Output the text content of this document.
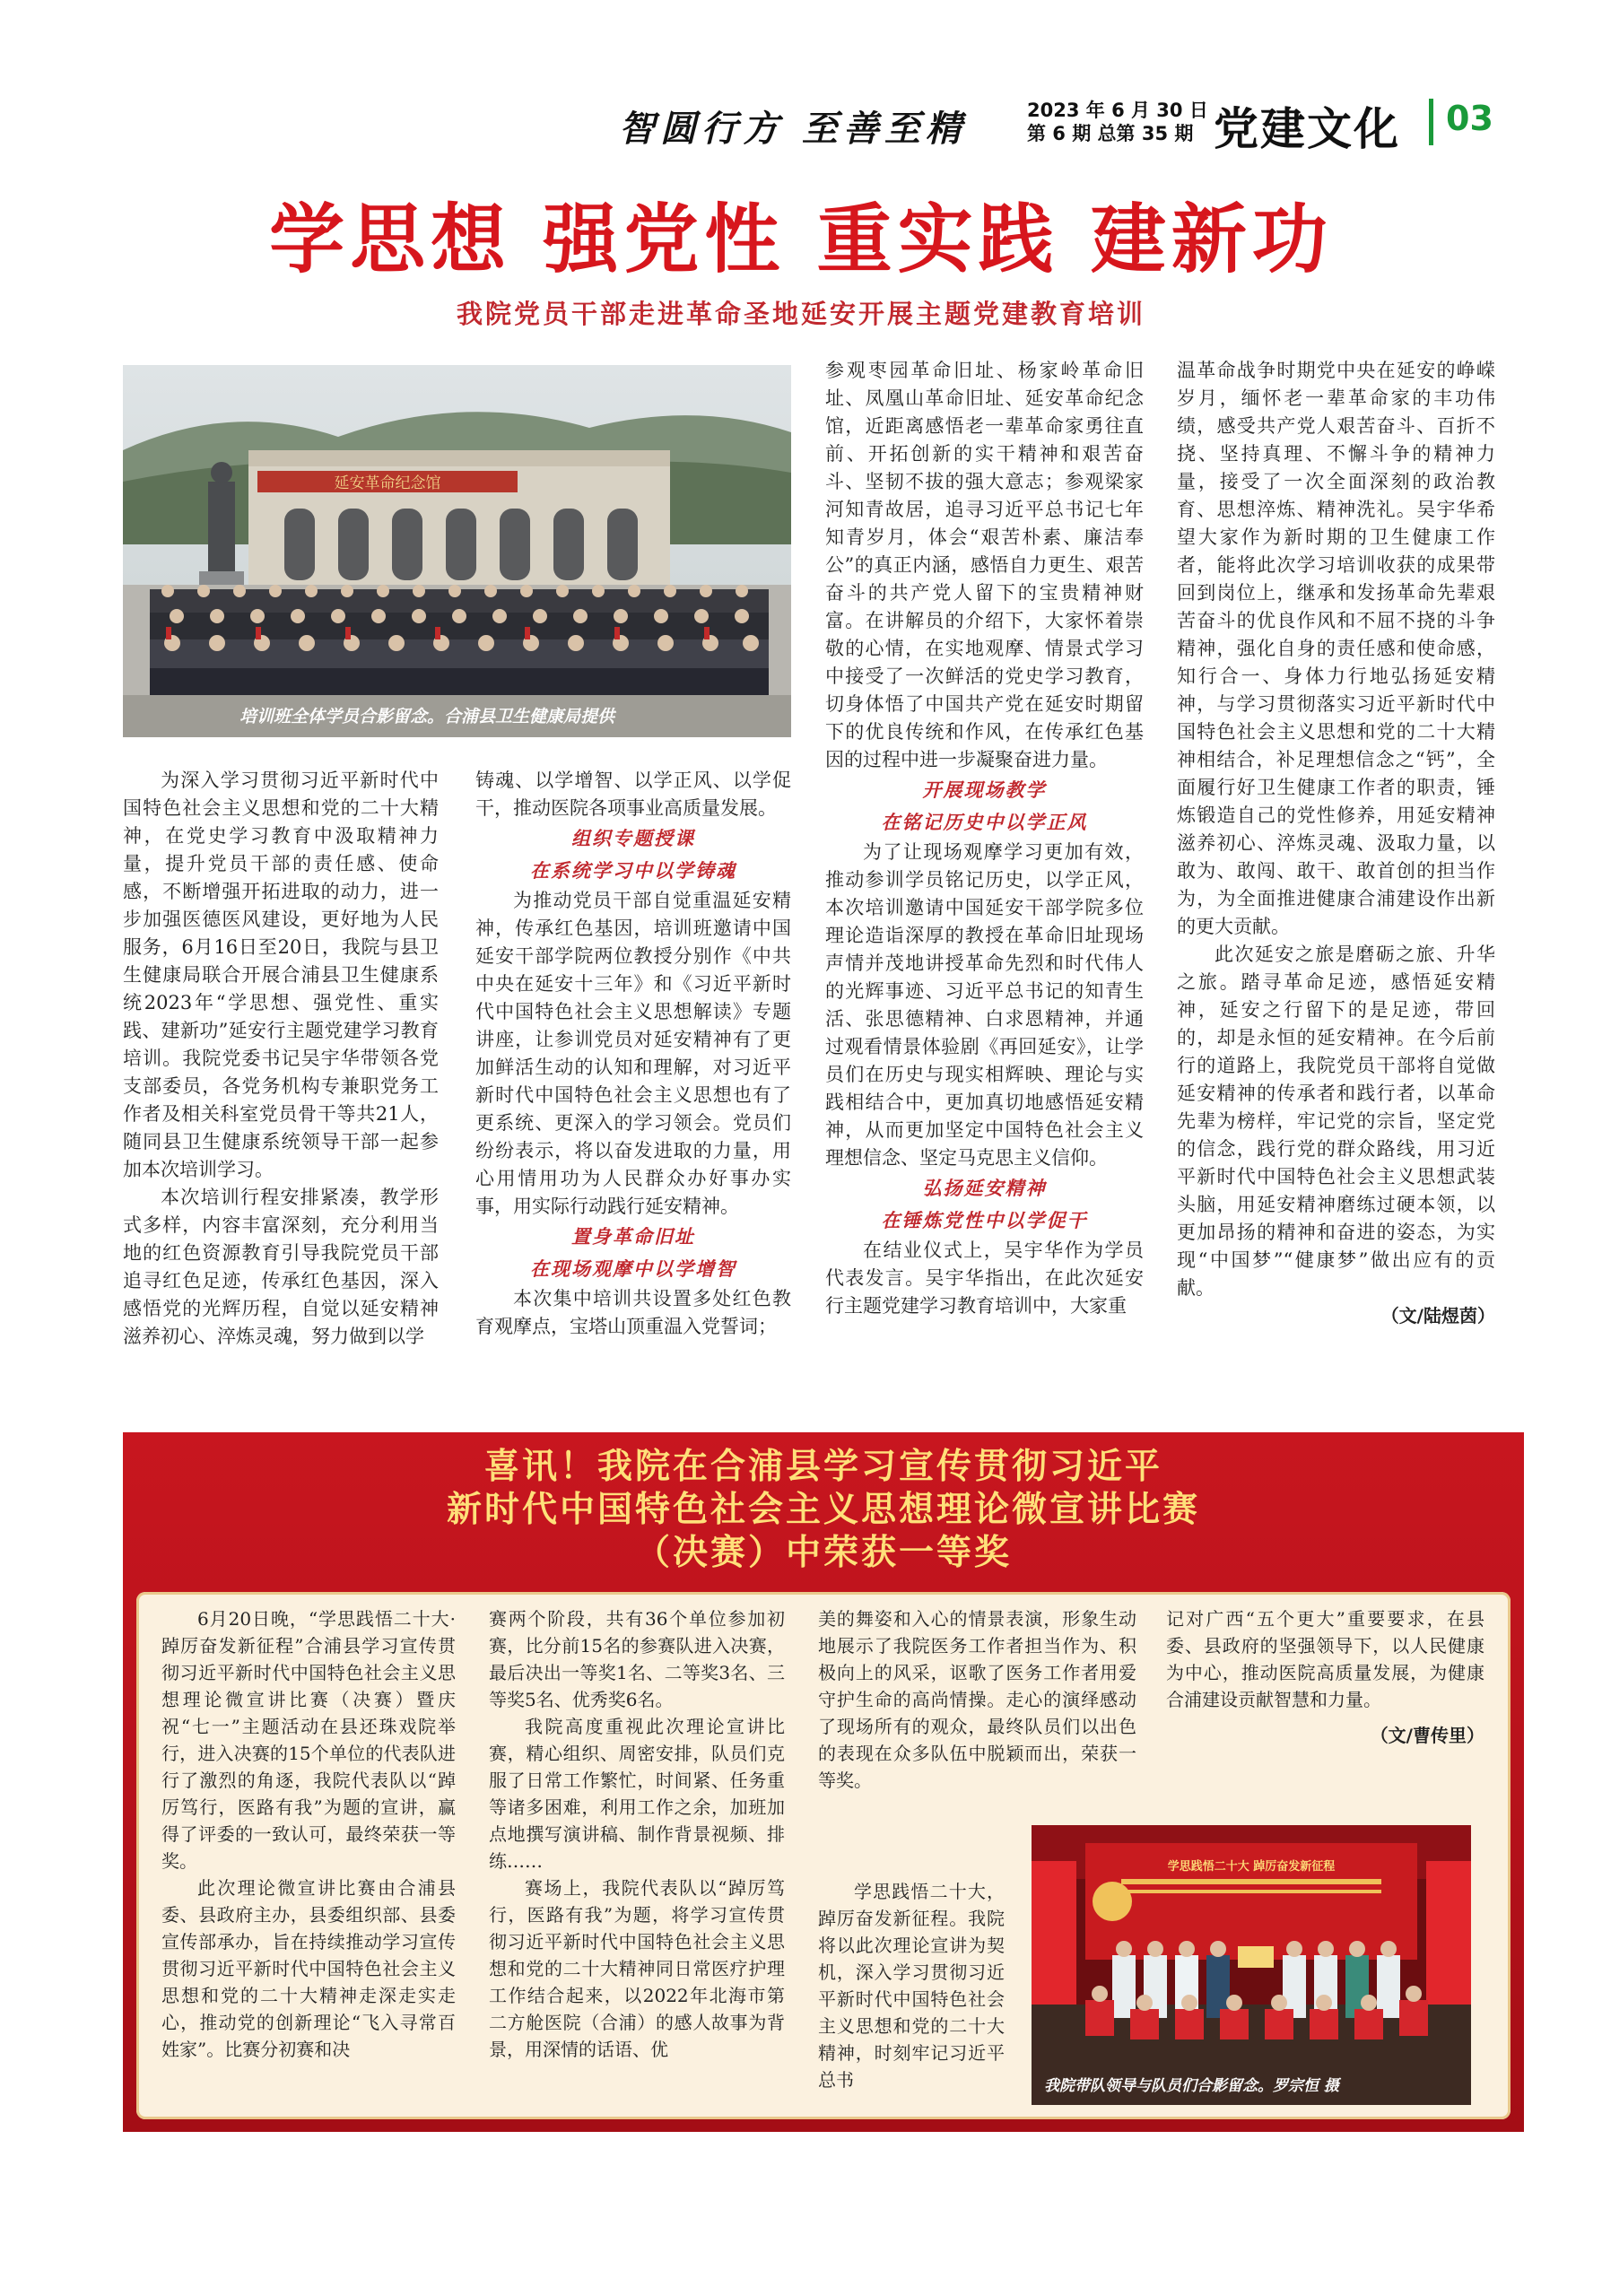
智圆行方 至善至精	2023 年 6 月 30 日
第 6 期 总第 35 期 党建文化 03
学思想 强党性 重实践 建新功
我院党员干部走进革命圣地延安开展主题党建教育培训
延安革命纪念馆
培训班全体学员合影留念。合浦县卫生健康局提供

为深入学习贯彻习近平新时代中国特色社会主义思想和党的二十大精神，在党史学习教育中汲取精神力量，提升党员干部的责任感、使命感，不断增强开拓进取的动力，进一步加强医德医风建设，更好地为人民服务，6月16日至20日，我院与县卫生健康局联合开展合浦县卫生健康系统2023年“学思想、强党性、重实践、建新功”延安行主题党建学习教育培训。我院党委书记吴宇华带领各党支部委员，各党务机构专兼职党务工作者及相关科室党员骨干等共21人，随同县卫生健康系统领导干部一起参加本次培训学习。

本次培训行程安排紧凑，教学形式多样，内容丰富深刻，充分利用当地的红色资源教育引导我院党员干部追寻红色足迹，传承红色基因，深入感悟党的光辉历程，自觉以延安精神滋养初心、淬炼灵魂，努力做到以学

铸魂、以学增智、以学正风、以学促干，推动医院各项事业高质量发展。

组织专题授课
在系统学习中以学铸魂

为推动党员干部自觉重温延安精神，传承红色基因，培训班邀请中国延安干部学院两位教授分别作《中共中央在延安十三年》和《习近平新时代中国特色社会主义思想解读》专题讲座，让参训党员对延安精神有了更加鲜活生动的认知和理解，对习近平新时代中国特色社会主义思想也有了更系统、更深入的学习领会。党员们纷纷表示，将以奋发进取的力量，用心用情用功为人民群众办好事办实事，用实际行动践行延安精神。

置身革命旧址
在现场观摩中以学增智

本次集中培训共设置多处红色教育观摩点，宝塔山顶重温入党誓词；

参观枣园革命旧址、杨家岭革命旧址、凤凰山革命旧址、延安革命纪念馆，近距离感悟老一辈革命家勇往直前、开拓创新的实干精神和艰苦奋斗、坚韧不拔的强大意志；参观梁家河知青故居，追寻习近平总书记七年知青岁月，体会“艰苦朴素、廉洁奉公”的真正内涵，感悟自力更生、艰苦奋斗的共产党人留下的宝贵精神财富。在讲解员的介绍下，大家怀着崇敬的心情，在实地观摩、情景式学习中接受了一次鲜活的党史学习教育，切身体悟了中国共产党在延安时期留下的优良传统和作风，在传承红色基因的过程中进一步凝聚奋进力量。

开展现场教学
在铭记历史中以学正风

为了让现场观摩学习更加有效，推动参训学员铭记历史，以学正风，本次培训邀请中国延安干部学院多位理论造诣深厚的教授在革命旧址现场声情并茂地讲授革命先烈和时代伟人的光辉事迹、习近平总书记的知青生活、张思德精神、白求恩精神，并通过观看情景体验剧《再回延安》，让学员们在历史与现实相辉映、理论与实践相结合中，更加真切地感悟延安精神，从而更加坚定中国特色社会主义理想信念、坚定马克思主义信仰。

弘扬延安精神
在锤炼党性中以学促干

在结业仪式上，吴宇华作为学员代表发言。吴宇华指出，在此次延安行主题党建学习教育培训中，大家重

温革命战争时期党中央在延安的峥嵘岁月，缅怀老一辈革命家的丰功伟绩，感受共产党人艰苦奋斗、百折不挠、坚持真理、不懈斗争的精神力量，接受了一次全面深刻的政治教育、思想淬炼、精神洗礼。吴宇华希望大家作为新时期的卫生健康工作者，能将此次学习培训收获的成果带回到岗位上，继承和发扬革命先辈艰苦奋斗的优良作风和不屈不挠的斗争精神，强化自身的责任感和使命感，知行合一、身体力行地弘扬延安精神，与学习贯彻落实习近平新时代中国特色社会主义思想和党的二十大精神相结合，补足理想信念之“钙”，全面履行好卫生健康工作者的职责，锤炼锻造自己的党性修养，用延安精神滋养初心、淬炼灵魂、汲取力量，以敢为、敢闯、敢干、敢首创的担当作为，为全面推进健康合浦建设作出新的更大贡献。

此次延安之旅是磨砺之旅、升华之旅。踏寻革命足迹，感悟延安精神，延安之行留下的是足迹，带回的，却是永恒的延安精神。在今后前行的道路上，我院党员干部将自觉做延安精神的传承者和践行者，以革命先辈为榜样，牢记党的宗旨，坚定党的信念，践行党的群众路线，用习近平新时代中国特色社会主义思想武装头脑，用延安精神磨练过硬本领，以更加昂扬的精神和奋进的姿态，为实现“中国梦”“健康梦”做出应有的贡献。

（文/陆煜茵）
喜讯！我院在合浦县学习宣传贯彻习近平
新时代中国特色社会主义思想理论微宣讲比赛
（决赛）中荣获一等奖

6月20日晚，“学思践悟二十大·踔厉奋发新征程”合浦县学习宣传贯彻习近平新时代中国特色社会主义思想理论微宣讲比赛（决赛）暨庆祝“七一”主题活动在县还珠戏院举行，进入决赛的15个单位的代表队进行了激烈的角逐，我院代表队以“踔厉笃行，医路有我”为题的宣讲，赢得了评委的一致认可，最终荣获一等奖。

此次理论微宣讲比赛由合浦县委、县政府主办，县委组织部、县委宣传部承办，旨在持续推动学习宣传贯彻习近平新时代中国特色社会主义思想和党的二十大精神走深走实走心，推动党的创新理论“飞入寻常百姓家”。比赛分初赛和决

赛两个阶段，共有36个单位参加初赛，比分前15名的参赛队进入决赛，最后决出一等奖1名、二等奖3名、三等奖5名、优秀奖6名。

我院高度重视此次理论宣讲比赛，精心组织、周密安排，队员们克服了日常工作繁忙，时间紧、任务重等诸多困难，利用工作之余，加班加点地撰写演讲稿、制作背景视频、排练……

赛场上，我院代表队以“踔厉笃行，医路有我”为题，将学习宣传贯彻习近平新时代中国特色社会主义思想和党的二十大精神同日常医疗护理工作结合起来，以2022年北海市第二方舱医院（合浦）的感人故事为背景，用深情的话语、优

美的舞姿和入心的情景表演，形象生动地展示了我院医务工作者担当作为、积极向上的风采，讴歌了医务工作者用爱守护生命的高尚情操。走心的演绎感动了现场所有的观众，最终队员们以出色的表现在众多队伍中脱颖而出，荣获一等奖。

学思践悟二十大，踔厉奋发新征程。我院将以此次理论宣讲为契机，深入学习贯彻习近平新时代中国特色社会主义思想和党的二十大精神，时刻牢记习近平总书

记对广西“五个更大”重要要求，在县委、县政府的坚强领导下，以人民健康为中心，推动医院高质量发展，为健康合浦建设贡献智慧和力量。

（文/曹传里）
学思践悟二十大 踔厉奋发新征程
我院带队领导与队员们合影留念。罗宗恒 摄
